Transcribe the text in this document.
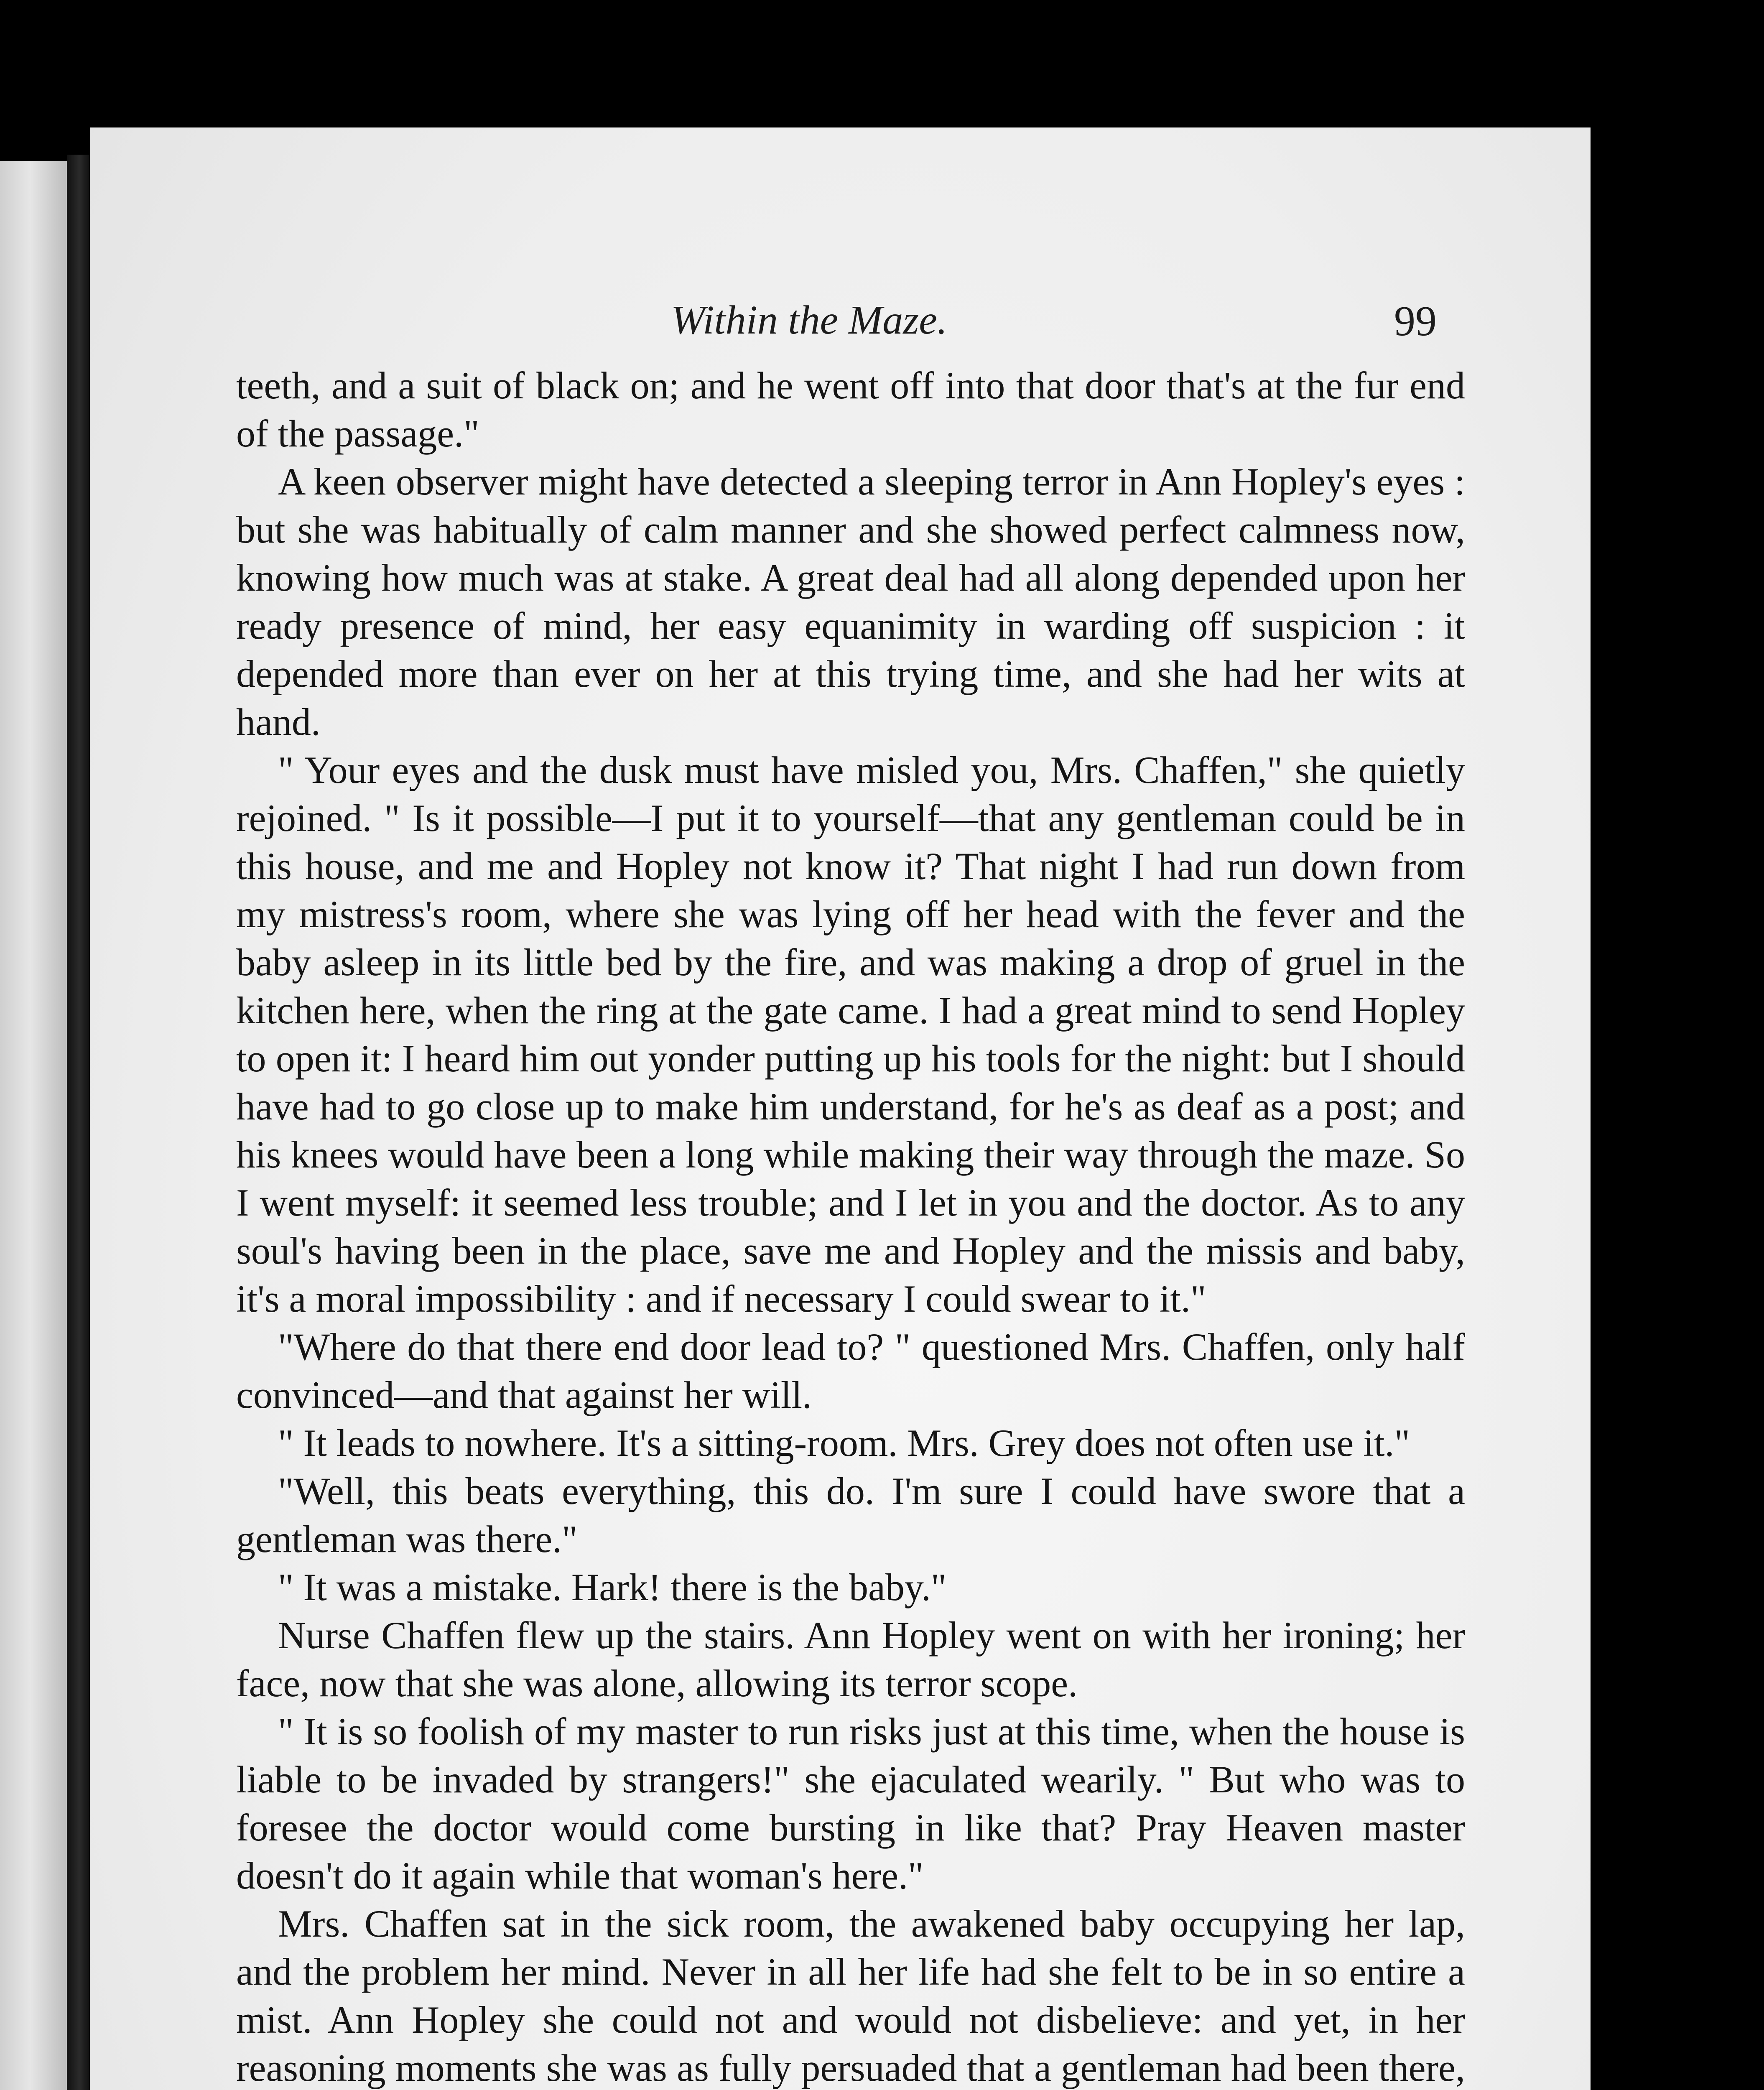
Within the Maze.	99

teeth, and a suit of black on; and he went off into that door that's at the fur end of the passage."

A keen observer might have detected a sleeping terror in Ann Hopley's eyes : but she was habitually of calm manner and she showed perfect calmness now, knowing how much was at stake. A great deal had all along depended upon her ready presence of mind, her easy equanimity in warding off suspicion : it depended more than ever on her at this trying time, and she had her wits at hand.

" Your eyes and the dusk must have misled you, Mrs. Chaffen," she quietly rejoined. " Is it possible—I put it to yourself—that any gentleman could be in this house, and me and Hopley not know it? That night I had run down from my mistress's room, where she was lying off her head with the fever and the baby asleep in its little bed by the fire, and was making a drop of gruel in the kitchen here, when the ring at the gate came. I had a great mind to send Hopley to open it: I heard him out yonder putting up his tools for the night: but I should have had to go close up to make him understand, for he's as deaf as a post; and his knees would have been a long while making their way through the maze. So I went myself: it seemed less trouble; and I let in you and the doctor. As to any soul's having been in the place, save me and Hopley and the missis and baby, it's a moral impossibility : and if necessary I could swear to it."

"Where do that there end door lead to? " questioned Mrs. Chaffen, only half convinced—and that against her will.

" It leads to nowhere. It's a sitting-room. Mrs. Grey does not often use it."

"Well, this beats everything, this do. I'm sure I could have swore that a gentleman was there."

" It was a mistake. Hark! there is the baby."

Nurse Chaffen flew up the stairs. Ann Hopley went on with her ironing; her face, now that she was alone, allowing its terror scope.

" It is so foolish of my master to run risks just at this time, when the house is liable to be invaded by strangers!" she ejaculated wearily. " But who was to foresee the doctor would come bursting in like that? Pray Heaven master doesn't do it again while that woman's here."

Mrs. Chaffen sat in the sick room, the awakened baby occupying her lap, and the problem her mind. Never in all her life had she felt to be in so entire a mist. Ann Hopley she could not and would not disbelieve: and yet, in her reasoning moments she was as fully persuaded that a gentleman had been there,
